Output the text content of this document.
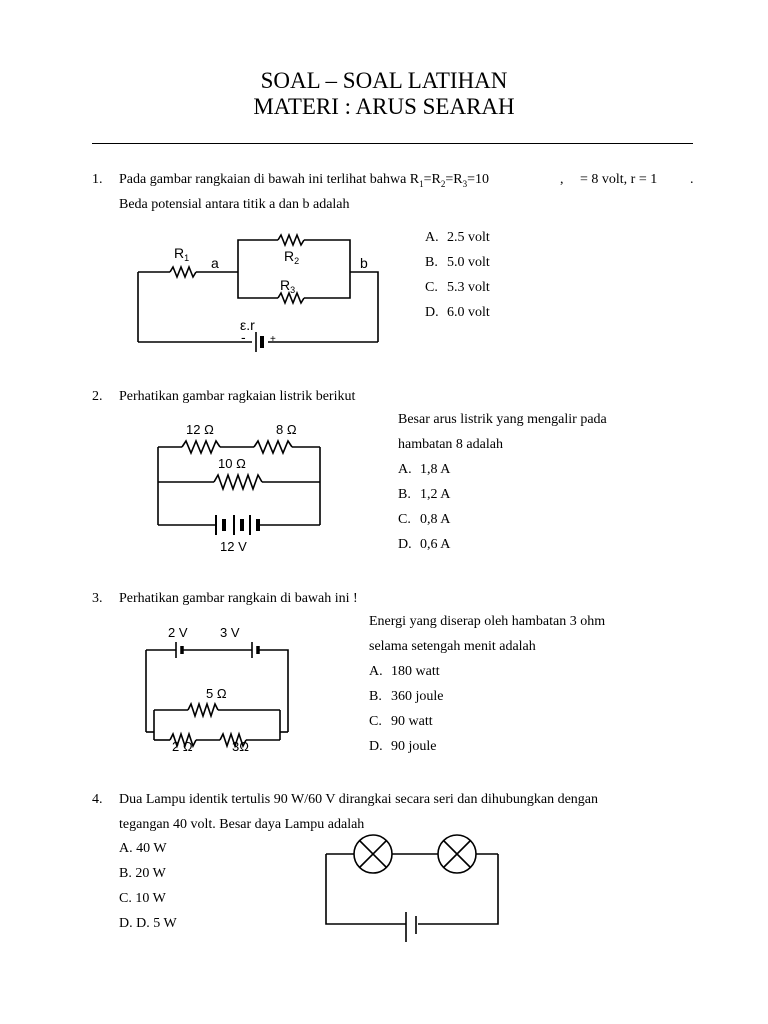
SOAL – SOAL LATIHAN
MATERI : ARUS SEARAH
1. Pada gambar rangkaian di bawah ini terlihat bahwa $R_1=R_2=R_3=10$	, = 8 volt, r = 1 .
Beda potensial antara titik a dan b adalah
$R_1$ a	$R_2$	b
$R_3$
ε.r
- +
A. 2.5 volt
B. 5.0 volt
C. 5.3 volt
D. 6.0 volt
2. Perhatikan gambar ragkaian listrik berikut
Besar arus listrik yang mengalir pada
hambatan 8 adalah
12 Ω	8 Ω
10 Ω
12 V
A. 1,8 A
B. 1,2 A
C. 0,8 A
D. 0,6 A
3. Perhatikan gambar rangkain di bawah ini !
Energi yang diserap oleh hambatan 3 ohm
selama setengah menit adalah
2 V 3 V
5 Ω
2 Ω	3Ω
A. 180 watt
B. 360 joule
C. 90 watt
D. 90 joule
4. Dua Lampu identik tertulis 90 W/60 V dirangkai secara seri dan dihubungkan dengan
tegangan 40 volt. Besar daya Lampu adalah
A. 40 W
B. 20 W
C. 10 W
D. D. 5 W
